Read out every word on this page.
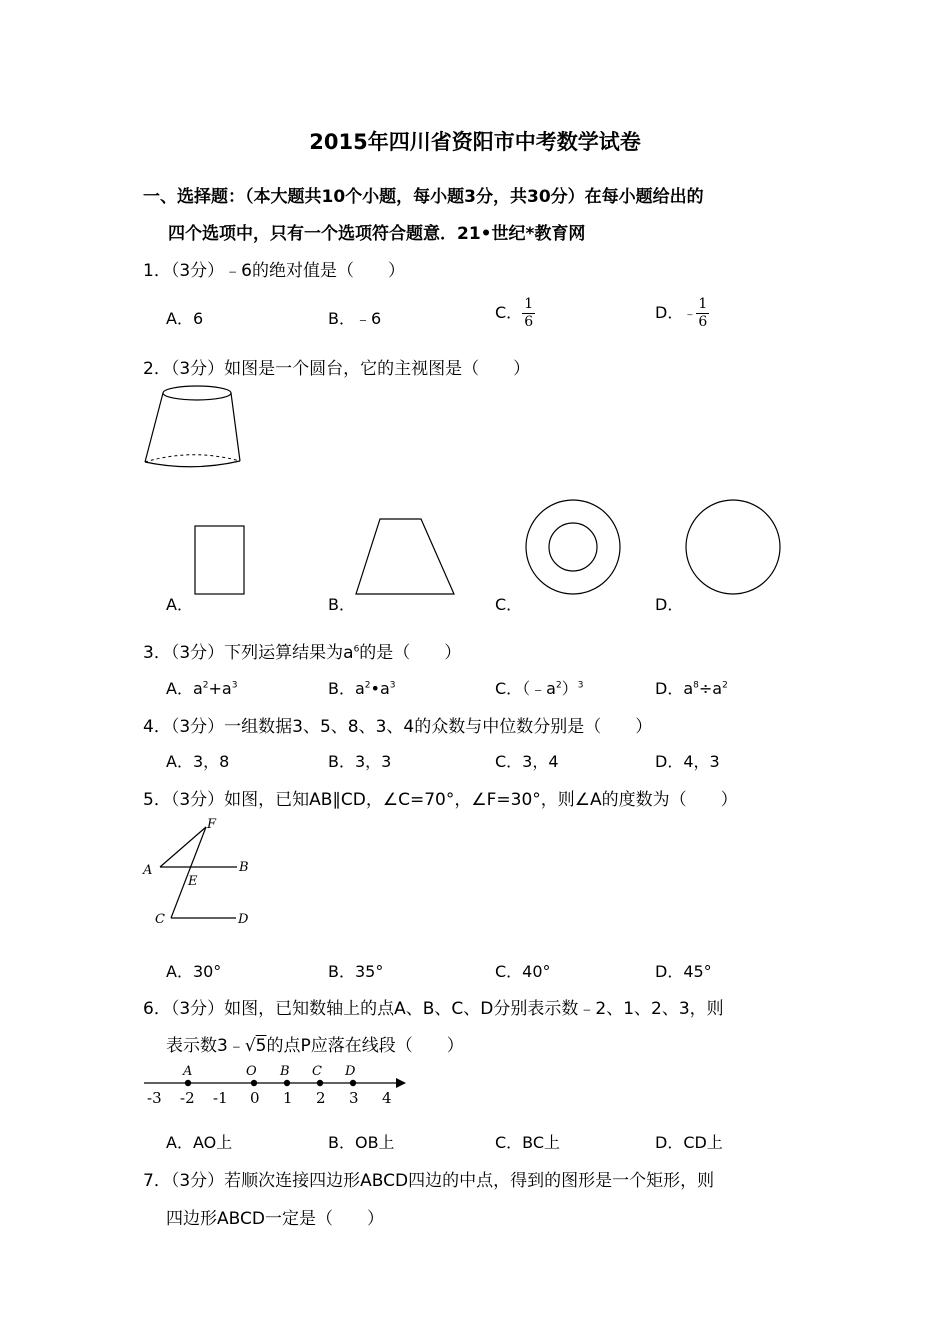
2015年四川省资阳市中考数学试卷
一、选择题：（本大题共10个小题，每小题3分，共30分）在每小题给出的
四个选项中，只有一个选项符合题意．21•世纪*教育网
1．（3分）﹣6的绝对值是（　　）
A．6	B．﹣6	C． $\frac{1}{6}$	D．﹣ $\frac{1}{6}$
2．（3分）如图是一个圆台，它的主视图是（　　）
A．	B．	C．	D．
3．（3分）下列运算结果为$a^6$的是（　　）
A．$a^2+a^3$	B．$a^2•a^3$	C．$(﹣a^2)^3$	D．$a^8\div a^2$
4．（3分）一组数据3、5、8、3、4的众数与中位数分别是（　　）
A．3，8	B．3，3	C．3，4	D．4，3
5．（3分）如图，已知AB∥CD，∠C=70°，∠F=30°，则∠A的度数为（　　）
F
A	B
E
C	D
A．30°	B．35°	C．40°	D．45°
6．（3分）如图，已知数轴上的点A、B、C、D分别表示数﹣2、1、2、3，则
表示数3﹣√5的点P应落在线段（　　）
-3 -2 -1 0 1 2 3 4
A	O B C D
A．AO上	B．OB上	C．BC上	D．CD上
7．（3分）若顺次连接四边形ABCD四边的中点，得到的图形是一个矩形，则
四边形ABCD一定是（　　）
